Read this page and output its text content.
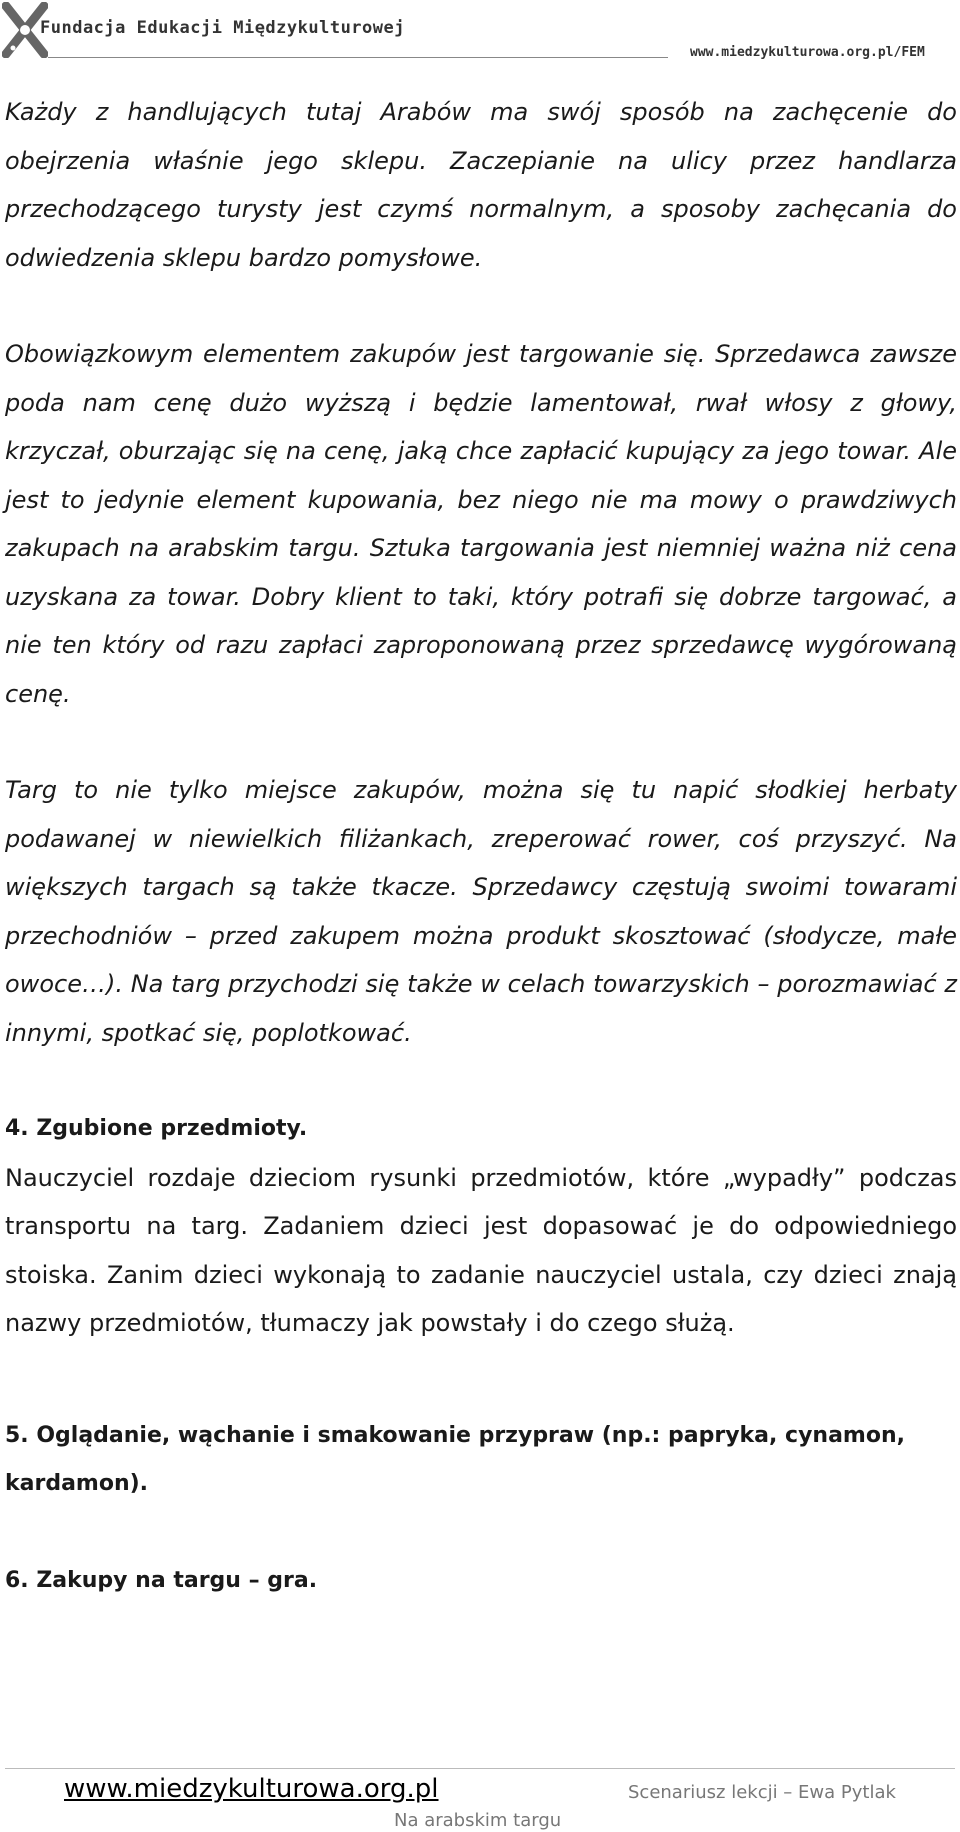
Fundacja Edukacji Międzykulturowej
www.miedzykulturowa.org.pl/FEM

Każdy z handlujących tutaj Arabów ma swój sposób na zachęcenie do obejrzenia właśnie jego sklepu. Zaczepianie na ulicy przez handlarza przechodzącego turysty jest czymś normalnym, a sposoby zachęcania do odwiedzenia sklepu bardzo pomysłowe.

Obowiązkowym elementem zakupów jest targowanie się. Sprzedawca zawsze poda nam cenę dużo wyższą i będzie lamentował, rwał włosy z głowy, krzyczał, oburzając się na cenę, jaką chce zapłacić kupujący za jego towar. Ale jest to jedynie element kupowania, bez niego nie ma mowy o prawdziwych zakupach na arabskim targu. Sztuka targowania jest niemniej ważna niż cena uzyskana za towar. Dobry klient to taki, który potrafi się dobrze targować, a nie ten który od razu zapłaci zaproponowaną przez sprzedawcę wygórowaną cenę.

Targ to nie tylko miejsce zakupów, można się tu napić słodkiej herbaty podawanej w niewielkich filiżankach, zreperować rower, coś przyszyć. Na większych targach są także tkacze. Sprzedawcy częstują swoimi towarami przechodniów – przed zakupem można produkt skosztować (słodycze, małe owoce…). Na targ przychodzi się także w celach towarzyskich – porozmawiać z innymi, spotkać się, poplotkować.

4. Zgubione przedmioty.

Nauczyciel rozdaje dzieciom rysunki przedmiotów, które „wypadły” podczas transportu na targ. Zadaniem dzieci jest dopasować je do odpowiedniego stoiska. Zanim dzieci wykonają to zadanie nauczyciel ustala, czy dzieci znają nazwy przedmiotów, tłumaczy jak powstały i do czego służą.

5. Oglądanie, wąchanie i smakowanie przypraw (np.: papryka, cynamon, kardamon).
6. Zakupy na targu – gra.
www.miedzykulturowa.org.pl	Scenariusz lekcji – Ewa Pytlak
Na arabskim targu
